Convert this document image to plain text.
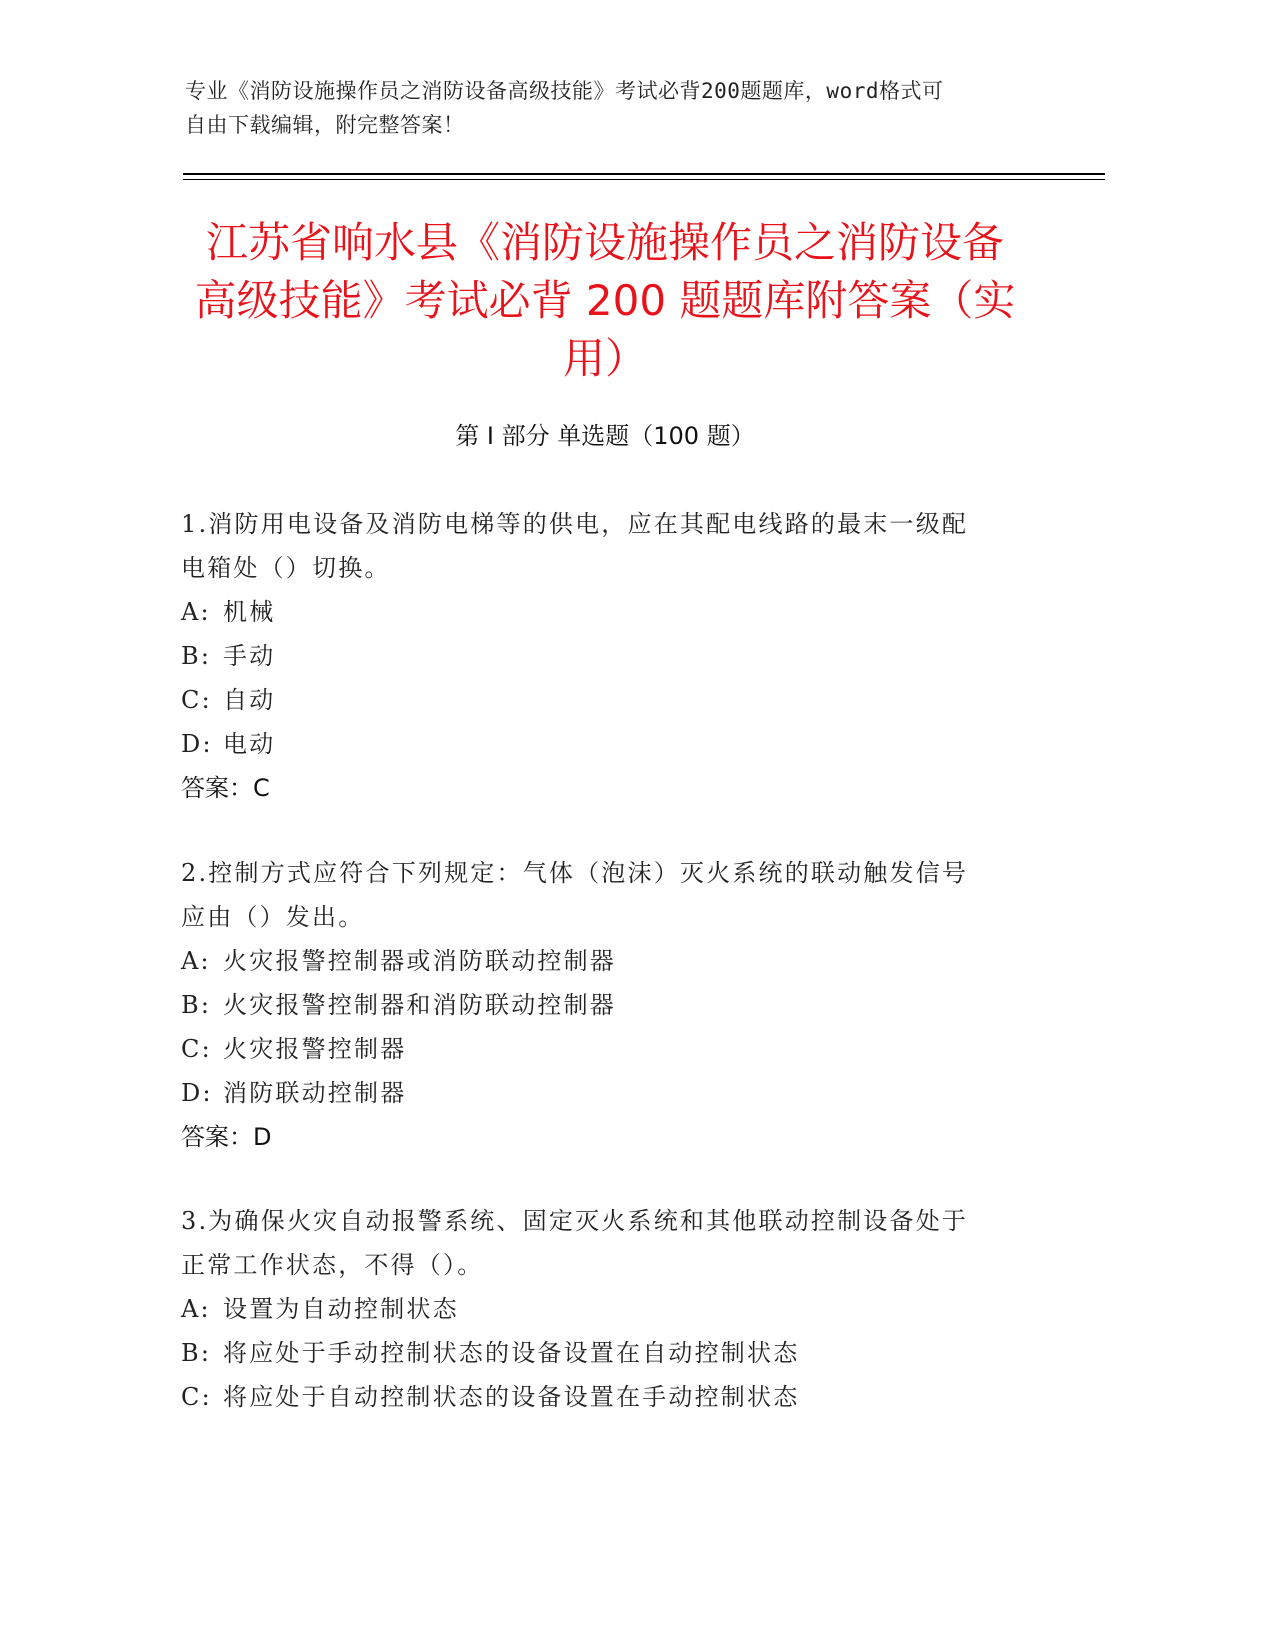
专业《消防设施操作员之消防设备高级技能》考试必背200题题库，word格式可
自由下载编辑，附完整答案！
江苏省响水县《消防设施操作员之消防设备
高级技能》考试必背 200 题题库附答案（实
用）
第 I 部分 单选题（100 题）

1.消防用电设备及消防电梯等的供电，应在其配电线路的最末一级配
电箱处（）切换。

A: 机械

B: 手动

C: 自动

D: 电动

答案：C

2.控制方式应符合下列规定：气体（泡沫）灭火系统的联动触发信号
应由（）发出。

A: 火灾报警控制器或消防联动控制器

B: 火灾报警控制器和消防联动控制器

C: 火灾报警控制器

D: 消防联动控制器

答案：D

3.为确保火灾自动报警系统、固定灭火系统和其他联动控制设备处于
正常工作状态，不得（）。

A: 设置为自动控制状态

B: 将应处于手动控制状态的设备设置在自动控制状态

C: 将应处于自动控制状态的设备设置在手动控制状态
